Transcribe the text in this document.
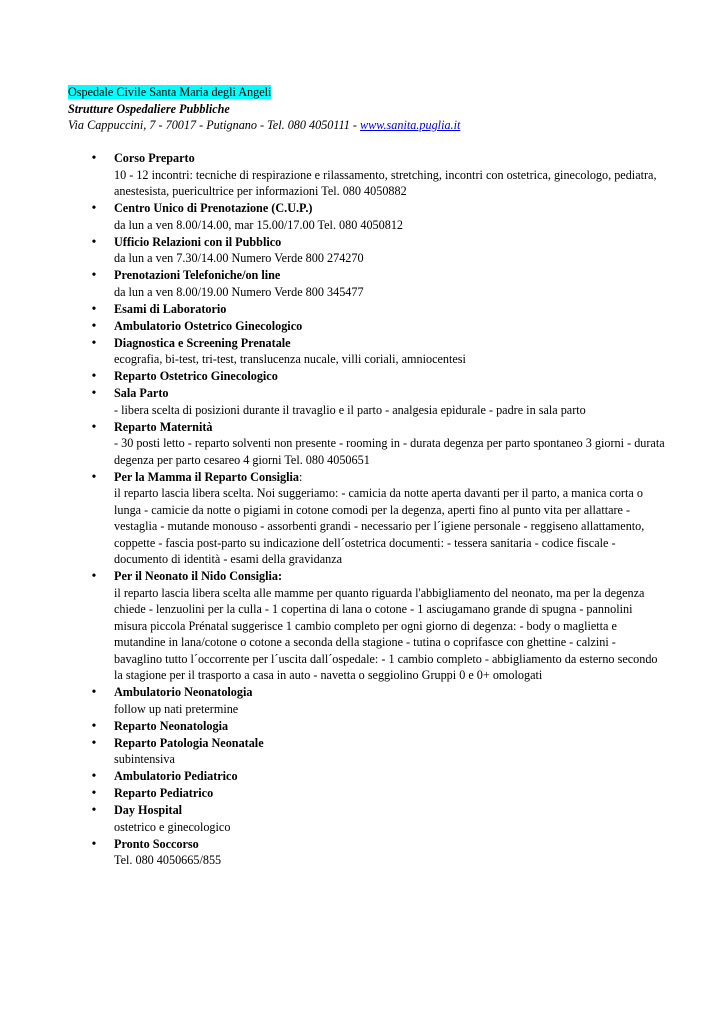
Ospedale Civile Santa Maria degli Angeli
Strutture Ospedaliere Pubbliche
Via Cappuccini, 7 - 70017 - Putignano - Tel. 080 4050111 - www.sanita.puglia.it
•
Corso Preparto
10 - 12 incontri: tecniche di respirazione e rilassamento, stretching, incontri con ostetrica, ginecologo, pediatra, anestesista, puericultrice per informazioni Tel. 080 4050882
•
Centro Unico di Prenotazione (C.U.P.)
da lun a ven 8.00/14.00, mar 15.00/17.00 Tel. 080 4050812
•
Ufficio Relazioni con il Pubblico
da lun a ven 7.30/14.00 Numero Verde 800 274270
•
Prenotazioni Telefoniche/on line
da lun a ven 8.00/19.00 Numero Verde 800 345477
•
Esami di Laboratorio
•
Ambulatorio Ostetrico Ginecologico
•
Diagnostica e Screening Prenatale
ecografia, bi-test, tri-test, translucenza nucale, villi coriali, amniocentesi
•
Reparto Ostetrico Ginecologico
•
Sala Parto
- libera scelta di posizioni durante il travaglio e il parto - analgesia epidurale - padre in sala parto
•
Reparto Maternità
- 30 posti letto - reparto solventi non presente - rooming in - durata degenza per parto spontaneo 3 giorni - durata degenza per parto cesareo 4 giorni Tel. 080 4050651
•
Per la Mamma il Reparto Consiglia:
il reparto lascia libera scelta. Noi suggeriamo: - camicia da notte aperta davanti per il parto, a manica corta o lunga - camicie da notte o pigiami in cotone comodi per la degenza, aperti fino al punto vita per allattare - vestaglia - mutande monouso - assorbenti grandi - necessario per l´igiene personale - reggiseno allattamento, coppette - fascia post-parto su indicazione dell´ostetrica documenti: - tessera sanitaria - codice fiscale - documento di identità - esami della gravidanza
•
Per il Neonato il Nido Consiglia:
il reparto lascia libera scelta alle mamme per quanto riguarda l'abbigliamento del neonato, ma per la degenza chiede - lenzuolini per la culla - 1 copertina di lana o cotone - 1 asciugamano grande di spugna - pannolini misura piccola Prénatal suggerisce 1 cambio completo per ogni giorno di degenza: - body o maglietta e mutandine in lana/cotone o cotone a seconda della stagione - tutina o coprifasce con ghettine - calzini - bavaglino tutto l´occorrente per l´uscita dall´ospedale: - 1 cambio completo - abbigliamento da esterno secondo la stagione per il trasporto a casa in auto - navetta o seggiolino Gruppi 0 e 0+ omologati
•
Ambulatorio Neonatologia
follow up nati pretermine
•
Reparto Neonatologia
•
Reparto Patologia Neonatale
subintensiva
•
Ambulatorio Pediatrico
•
Reparto Pediatrico
•
Day Hospital
ostetrico e ginecologico
•
Pronto Soccorso
Tel. 080 4050665/855
